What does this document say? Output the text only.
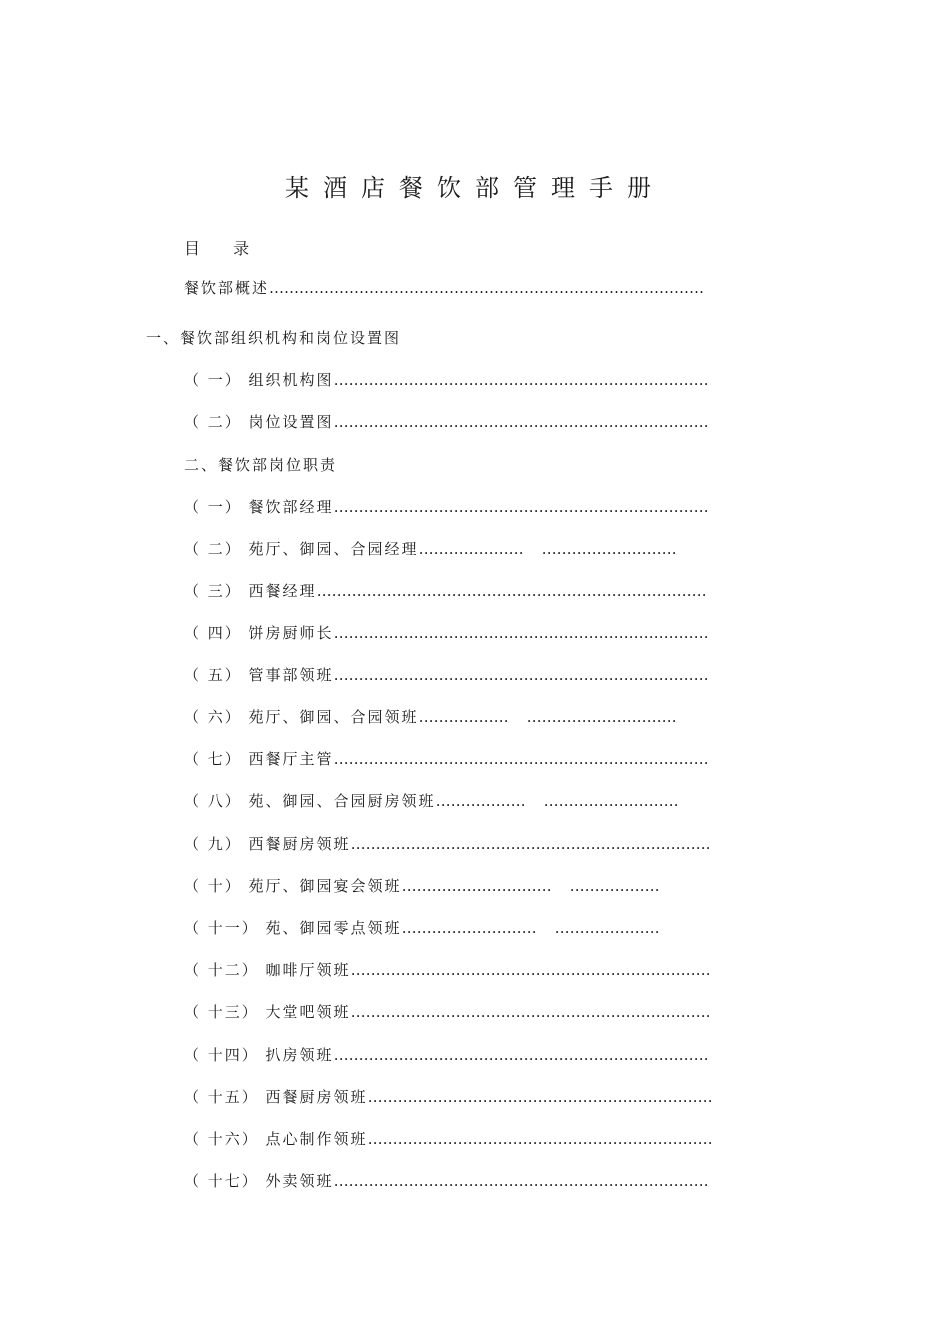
某酒店餐饮部管理手册
目 录
餐饮部概述……………………………………………………………………………
一、餐饮部组织机构和岗位设置图
（ 一） 组织机构图…………………………………………………………………
（ 二） 岗位设置图…………………………………………………………………
二、餐饮部岗位职责
（ 一） 餐饮部经理…………………………………………………………………
（ 二） 苑厅、御园、合园经理………………… ………………………
（ 三） 西餐经理……………………………………………………………………
（ 四） 饼房厨师长…………………………………………………………………
（ 五） 管事部领班…………………………………………………………………
（ 六） 苑厅、御园、合园领班……………… …………………………
（ 七） 西餐厅主管…………………………………………………………………
（ 八） 苑、御园、合园厨房领班……………… ………………………
（ 九） 西餐厨房领班………………………………………………………………
（ 十） 苑厅、御园宴会领班………………………… ………………
（ 十一） 苑、御园零点领班……………………… …………………
（ 十二） 咖啡厅领班………………………………………………………………
（ 十三） 大堂吧领班………………………………………………………………
（ 十四） 扒房领班…………………………………………………………………
（ 十五） 西餐厨房领班……………………………………………………………
（ 十六） 点心制作领班……………………………………………………………
（ 十七） 外卖领班…………………………………………………………………
